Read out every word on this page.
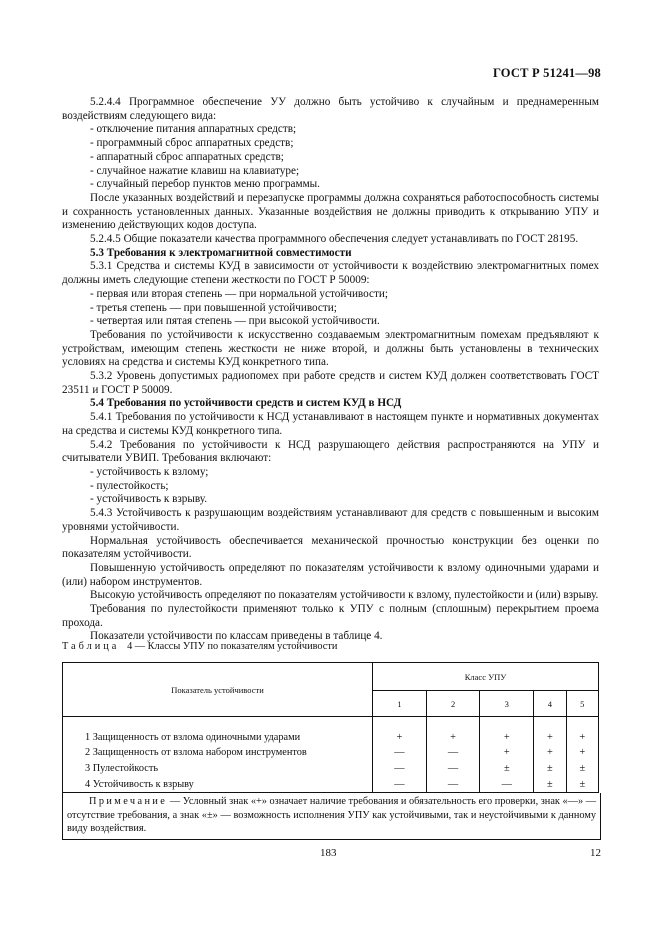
ГОСТ Р 51241—98
5.2.4.4 Программное обеспечение УУ должно быть устойчиво к случайным и преднамеренным воздействиям следующего вида:
- отключение питания аппаратных средств;
- программный сброс аппаратных средств;
- аппаратный сброс аппаратных средств;
- случайное нажатие клавиш на клавиатуре;
- случайный перебор пунктов меню программы.
После указанных воздействий и перезапуске программы должна сохраняться работоспособность системы и сохранность установленных данных. Указанные воздействия не должны приводить к открыванию УПУ и изменению действующих кодов доступа.
5.2.4.5 Общие показатели качества программного обеспечения следует устанавливать по ГОСТ 28195.
5.3 Требования к электромагнитной совместимости
5.3.1 Средства и системы КУД в зависимости от устойчивости к воздействию электромагнитных помех должны иметь следующие степени жесткости по ГОСТ Р 50009:
- первая или вторая степень — при нормальной устойчивости;
- третья степень — при повышенной устойчивости;
- четвертая или пятая степень — при высокой устойчивости.
Требования по устойчивости к искусственно создаваемым электромагнитным помехам предъявляют к устройствам, имеющим степень жесткости не ниже второй, и должны быть установлены в технических условиях на средства и системы КУД конкретного типа.
5.3.2 Уровень допустимых радиопомех при работе средств и систем КУД должен соответствовать ГОСТ 23511 и ГОСТ Р 50009.
5.4 Требования по устойчивости средств и систем КУД в НСД
5.4.1 Требования по устойчивости к НСД устанавливают в настоящем пункте и нормативных документах на средства и системы КУД конкретного типа.
5.4.2 Требования по устойчивости к НСД разрушающего действия распространяются на УПУ и считыватели УВИП. Требования включают:
- устойчивость к взлому;
- пулестойкость;
- устойчивость к взрыву.
5.4.3 Устойчивость к разрушающим воздействиям устанавливают для средств с повышенным и высоким уровнями устойчивости.
Нормальная устойчивость обеспечивается механической прочностью конструкции без оценки по показателям устойчивости.
Повышенную устойчивость определяют по показателям устойчивости к взлому одиночными ударами и (или) набором инструментов.
Высокую устойчивость определяют по показателям устойчивости к взлому, пулестойкости и (или) взрыву.
Требования по пулестойкости применяют только к УПУ с полным (сплошным) перекрытием проема прохода.
Показатели устойчивости по классам приведены в таблице 4.
Таблица 4 — Классы УПУ по показателям устойчивости
Показатель устойчивости	Класс УПУ				
	1	2	3	4	5
1 Защищенность от взлома одиночными ударами	+	+	+	+	+
2 Защищенность от взлома набором инструментов	—	—	+	+	+
3 Пулестойкость	—	—	±	±	±
4 Устойчивость к взрыву	—	—	—	±	±
Примечание — Условный знак «+» означает наличие требования и обязательность его проверки, знак «—» — отсутствие требования, а знак «±» — возможность исполнения УПУ как устойчивыми, так и неустойчивыми к данному виду воздействия.
183	12
